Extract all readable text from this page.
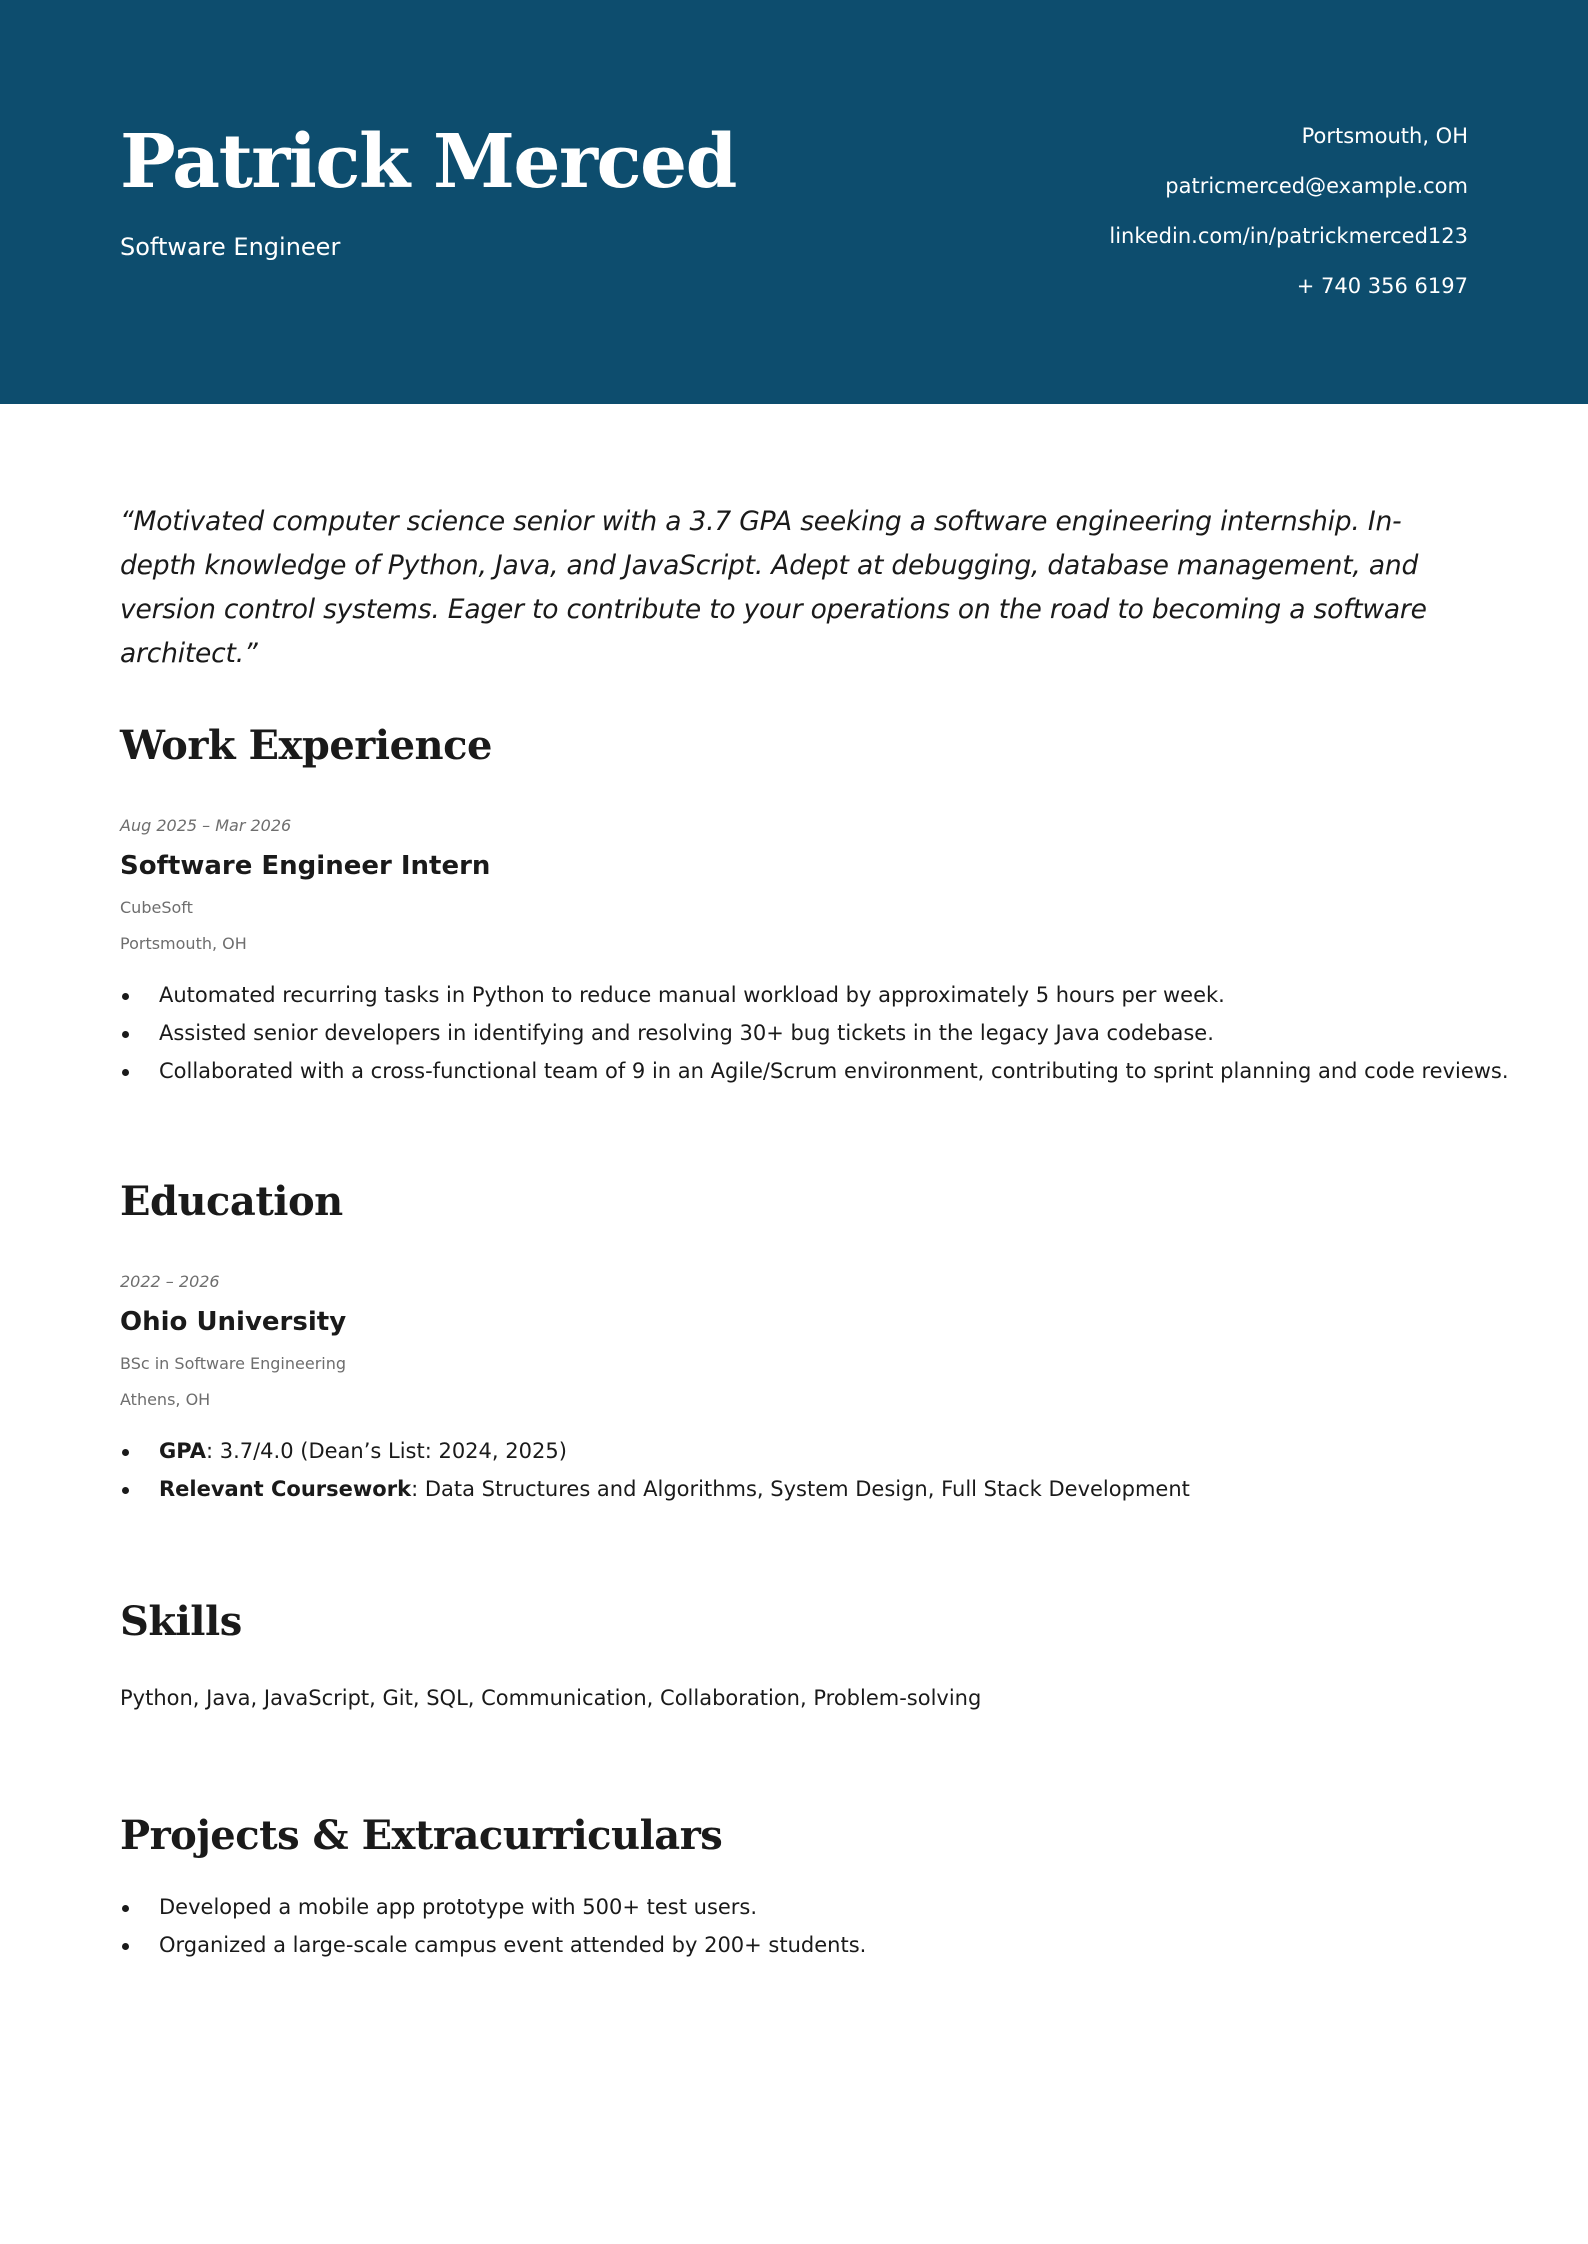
Patrick Merced
Software Engineer
Portsmouth, OH
patricmerced@example.com
linkedin.com/in/patrickmerced123
+ 740 356 6197

“Motivated computer science senior with a 3.7 GPA seeking a software engineering internship. In-depth knowledge of Python, Java, and JavaScript. Adept at debugging, database management, and version control systems. Eager to contribute to your operations on the road to becoming a software architect.”

Work Experience
Aug 2025 – Mar 2026
Software Engineer Intern
CubeSoft
Portsmouth, OH
Automated recurring tasks in Python to reduce manual workload by approximately 5 hours per week.
Assisted senior developers in identifying and resolving 30+ bug tickets in the legacy Java codebase.
Collaborated with a cross-functional team of 9 in an Agile/Scrum environment, contributing to sprint planning and code reviews.
Education
2022 – 2026
Ohio University
BSc in Software Engineering
Athens, OH
GPA: 3.7/4.0 (Dean’s List: 2024, 2025)
Relevant Coursework: Data Structures and Algorithms, System Design, Full Stack Development
Skills
Python , Java , JavaScript , Git , SQL , Communication , Collaboration , Problem-solving
Projects & Extracurriculars
Developed a mobile app prototype with 500+ test users.
Organized a large-scale campus event attended by 200+ students.
